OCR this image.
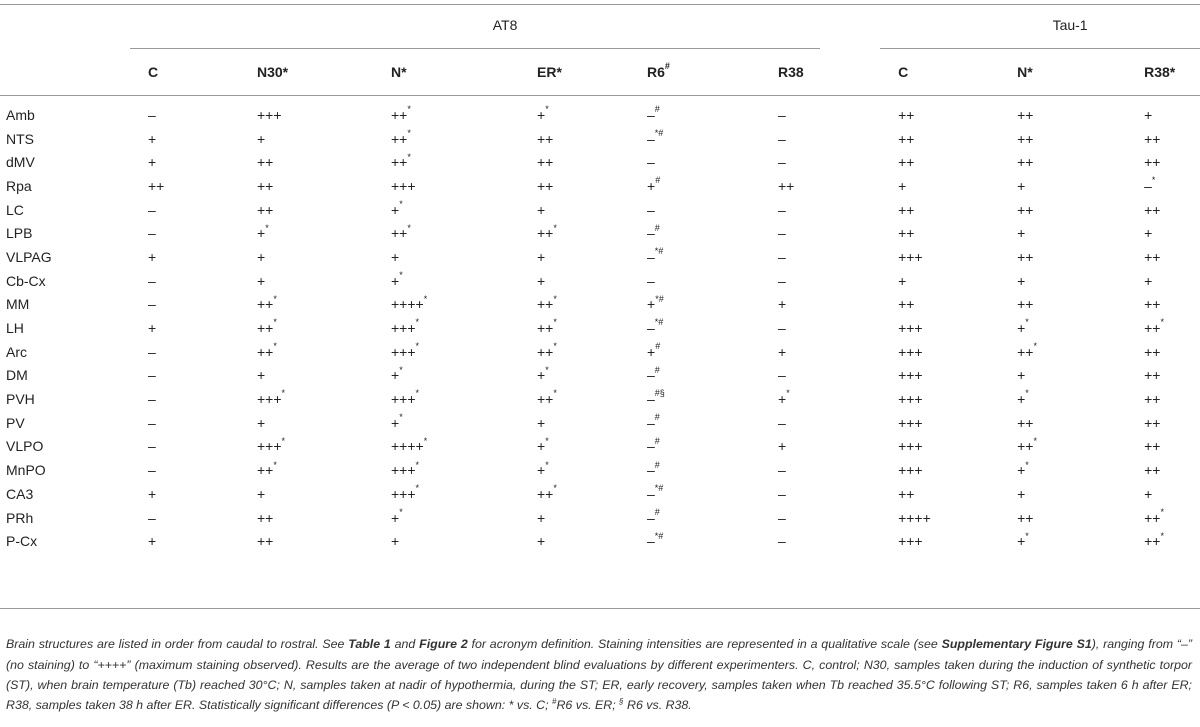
	AT8						Tau-1		
	C	N30*	N*	ER*	R6#	R38	C	N*	R38*

Amb	–	+++	++*	+*	–#	–	++	++	+
NTS	+	+	++*	++	–*#	–	++	++	++
dMV	+	++	++*	++	–	–	++	++	++
Rpa	++	++	+++	++	+#	++	+	+	–*
LC	–	++	+*	+	–	–	++	++	++
LPB	–	+*	++*	++*	–#	–	++	+	+
VLPAG	+	+	+	+	–*#	–	+++	++	++
Cb-Cx	–	+	+*	+	–	–	+	+	+
MM	–	++*	++++*	++*	+*#	+	++	++	++
LH	+	++*	+++*	++*	–*#	–	+++	+*	++*
Arc	–	++*	+++*	++*	+#	+	+++	++*	++
DM	–	+	+*	+*	–#	–	+++	+	++
PVH	–	+++*	+++*	++*	–#§	+*	+++	+*	++
PV	–	+	+*	+	–#	–	+++	++	++
VLPO	–	+++*	++++*	+*	–#	+	+++	++*	++
MnPO	–	++*	+++*	+*	–#	–	+++	+*	++
CA3	+	+	+++*	++*	–*#	–	++	+	+
PRh	–	++	+*	+	–#	–	++++	++	++*
P-Cx	+	++	+	+	–*#	–	+++	+*	++*

Brain structures are listed in order from caudal to rostral. See Table 1 and Figure 2 for acronym definition. Staining intensities are represented in a qualitative scale (see Supplementary Figure S1), ranging from “–” (no staining) to “++++” (maximum staining observed). Results are the average of two independent blind evaluations by different experimenters. C, control; N30, samples taken during the induction of synthetic torpor (ST), when brain temperature (Tb) reached 30°C; N, samples taken at nadir of hypothermia, during the ST; ER, early recovery, samples taken when Tb reached 35.5°C following ST; R6, samples taken 6 h after ER; R38, samples taken 38 h after ER. Statistically significant differences (P < 0.05) are shown: * vs. C; #R6 vs. ER; § R6 vs. R38.
